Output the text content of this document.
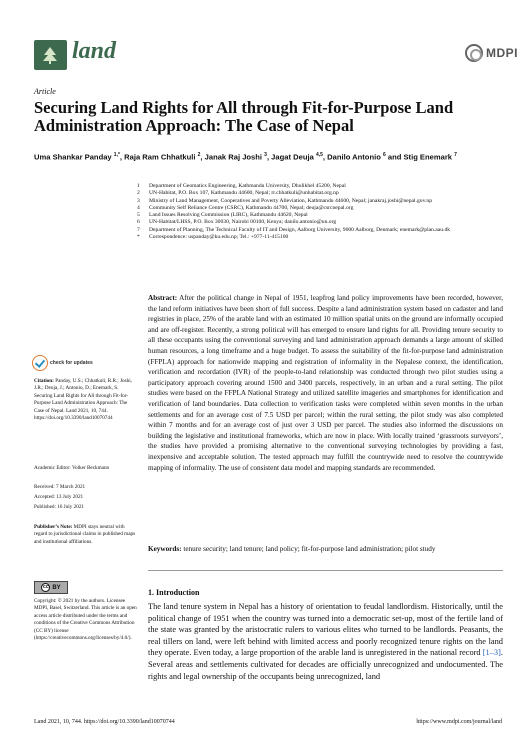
land	MDPI
Article
Securing Land Rights for All through Fit-for-Purpose Land Administration Approach: The Case of Nepal
Uma Shankar Panday $^{1,*}$, Raja Ram Chhatkuli $^2$, Janak Raj Joshi $^3$, Jagat Deuja $^{4,5}$, Danilo Antonio $^6$ and Stig Enemark $^7$
1	Department of Geomatics Engineering, Kathmandu University, Dhulikhel 45200, Nepal
2	UN-Habitat, P.O. Box 107, Kathmandu 44600, Nepal; rr.chhatkuli@unhabitat.org.np
3	Ministry of Land Management, Cooperatives and Poverty Alleviation, Kathmandu 44600, Nepal; janakraj.joshi@nepal.gov.np
4	Community Self Reliance Centre (CSRC), Kathmandu 44700, Nepal; deuja@csrcnepal.org
5	Land Issues Resolving Commission (LIRC), Kathmandu 44620, Nepal
6	UN-Habitat/LHSS, P.O. Box 30030, Nairobi 00100, Kenya; danilo.antonio@un.org
7	Department of Planning, The Technical Faculty of IT and Design, Aalborg University, 9000 Aalborg, Denmark; enemark@plan.aau.dk
*	Correspondence: uspanday@ku.edu.np; Tel.: +977-11-415100
Abstract: After the political change in Nepal of 1951, leapfrog land policy improvements have been recorded, however, the land reform initiatives have been short of full success. Despite a land administration system based on cadaster and land registries in place, 25% of the arable land with an estimated 10 million spatial units on the ground are informally occupied and are off-register. Recently, a strong political will has emerged to ensure land rights for all. Providing tenure security to all these occupants using the conventional surveying and land administration approach demands a large amount of skilled human resources, a long timeframe and a huge budget. To assess the suitability of the fit-for-purpose land administration (FFPLA) approach for nationwide mapping and registration of informality in the Nepalese context, the identification, verification and recordation (IVR) of the people-to-land relationship was conducted through two pilot studies using a participatory approach covering around 1500 and 3400 parcels, respectively, in an urban and a rural setting. The pilot studies were based on the FFPLA National Strategy and utilized satellite imageries and smartphones for identification and verification of land boundaries. Data collection to verification tasks were completed within seven months in the urban settlements and for an average cost of 7.5 USD per parcel; within the rural setting, the pilot study was also completed within 7 months and for an average cost of just over 3 USD per parcel. The studies also informed the discussions on building the legislative and institutional frameworks, which are now in place. With locally trained ‘grassroots surveyors’, the studies have provided a promising alternative to the conventional surveying technologies by providing a fast, inexpensive and acceptable solution. The tested approach may fulfill the countrywide need to resolve the countrywide mapping of informality. The use of consistent data model and mapping standards are recommended.
Keywords: tenure security; land tenure; land policy; fit-for-purpose land administration; pilot study
check for updates
Citation: Panday, U.S.; Chhatkuli, R.R.; Joshi, J.R.; Deuja, J.; Antonio, D.; Enemark, S. Securing Land Rights for All through Fit-for-Purpose Land Administration Approach: The Case of Nepal. Land 2021, 10, 744. https://doi.org/10.3390/land10070744
Academic Editor: Volker Beckmann
Received: 7 March 2021
Accepted: 13 July 2021
Published: 16 July 2021
Publisher’s Note: MDPI stays neutral with regard to jurisdictional claims in published maps and institutional affiliations.
cc BY
Copyright: © 2021 by the authors. Licensee MDPI, Basel, Switzerland. This article is an open access article distributed under the terms and conditions of the Creative Commons Attribution (CC BY) license (https://creativecommons.org/licenses/by/4.0/).
1. Introduction
The land tenure system in Nepal has a history of orientation to feudal landlordism. Historically, until the political change of 1951 when the country was turned into a democratic set-up, most of the fertile land of the state was granted by the aristocratic rulers to various elites who turned to be landlords. Peasants, the real tillers on land, were left behind with limited access and poorly recognized tenure rights on the land they operate. Even today, a large proportion of the arable land is unregistered in the national record [1–3]. Several areas and settlements cultivated for decades are officially unrecognized and undocumented. The rights and legal ownership of the occupants being unrecognized, land
Land 2021, 10, 744. https://doi.org/10.3390/land10070744	https://www.mdpi.com/journal/land
